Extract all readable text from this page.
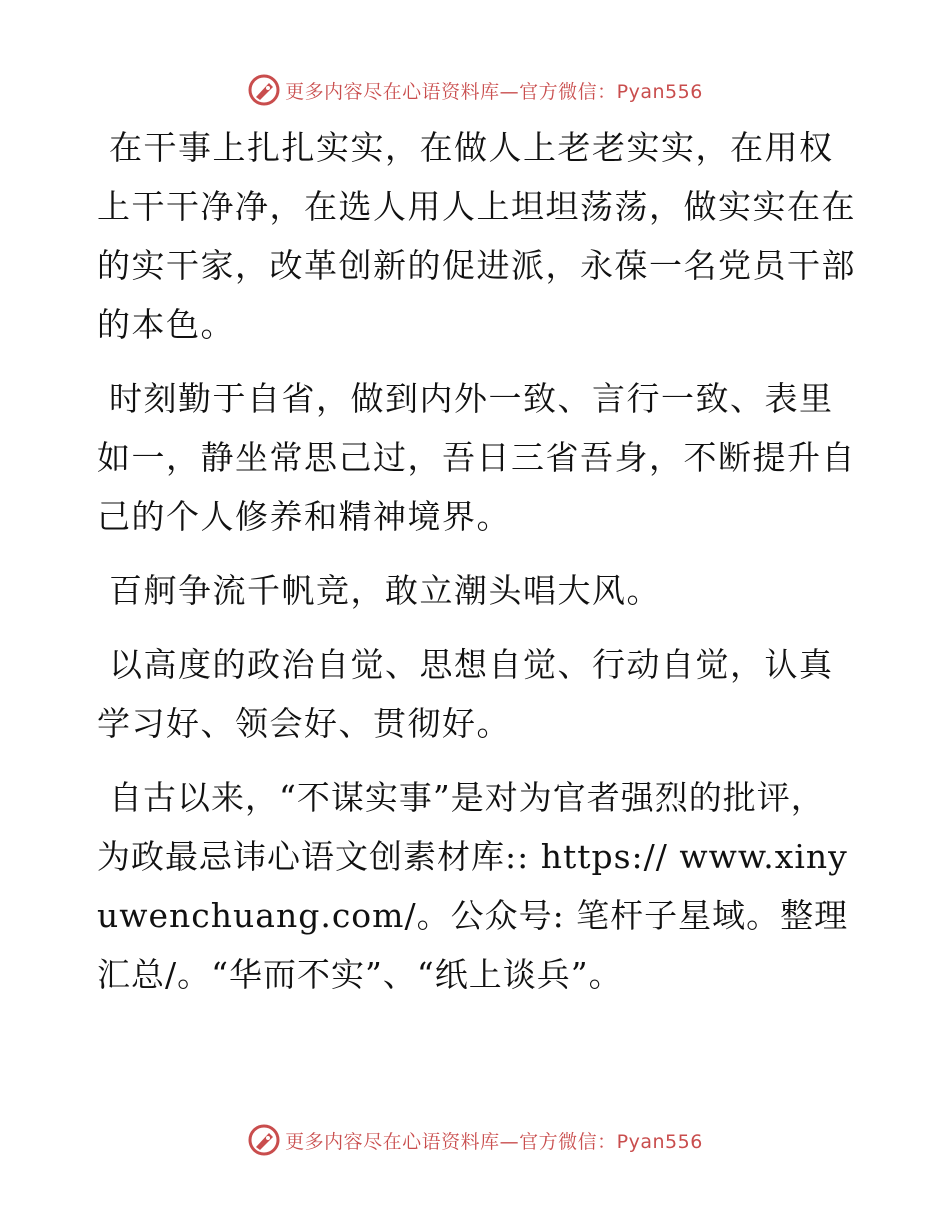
更多内容尽在心语资料库—官方微信：Pyan556

在干事上扎扎实实，在做人上老老实实，在用权上干干净净，在选人用人上坦坦荡荡，做实实在在的实干家，改革创新的促进派，永葆一名党员干部的本色。

时刻勤于自省，做到内外一致、言行一致、表里如一，静坐常思己过，吾日三省吾身，不断提升自己的个人修养和精神境界。

百舸争流千帆竞，敢立潮头唱大风。

以高度的政治自觉、思想自觉、行动自觉，认真学习好、领会好、贯彻好。

自古以来，“不谋实事”是对为官者强烈的批评，为政最忌讳心语文创素材库:: https:// www.xinyuwenchuang.com/。公众号: 笔杆子星域。整理汇总/。“华而不实”、“纸上谈兵”。

更多内容尽在心语资料库—官方微信：Pyan556
